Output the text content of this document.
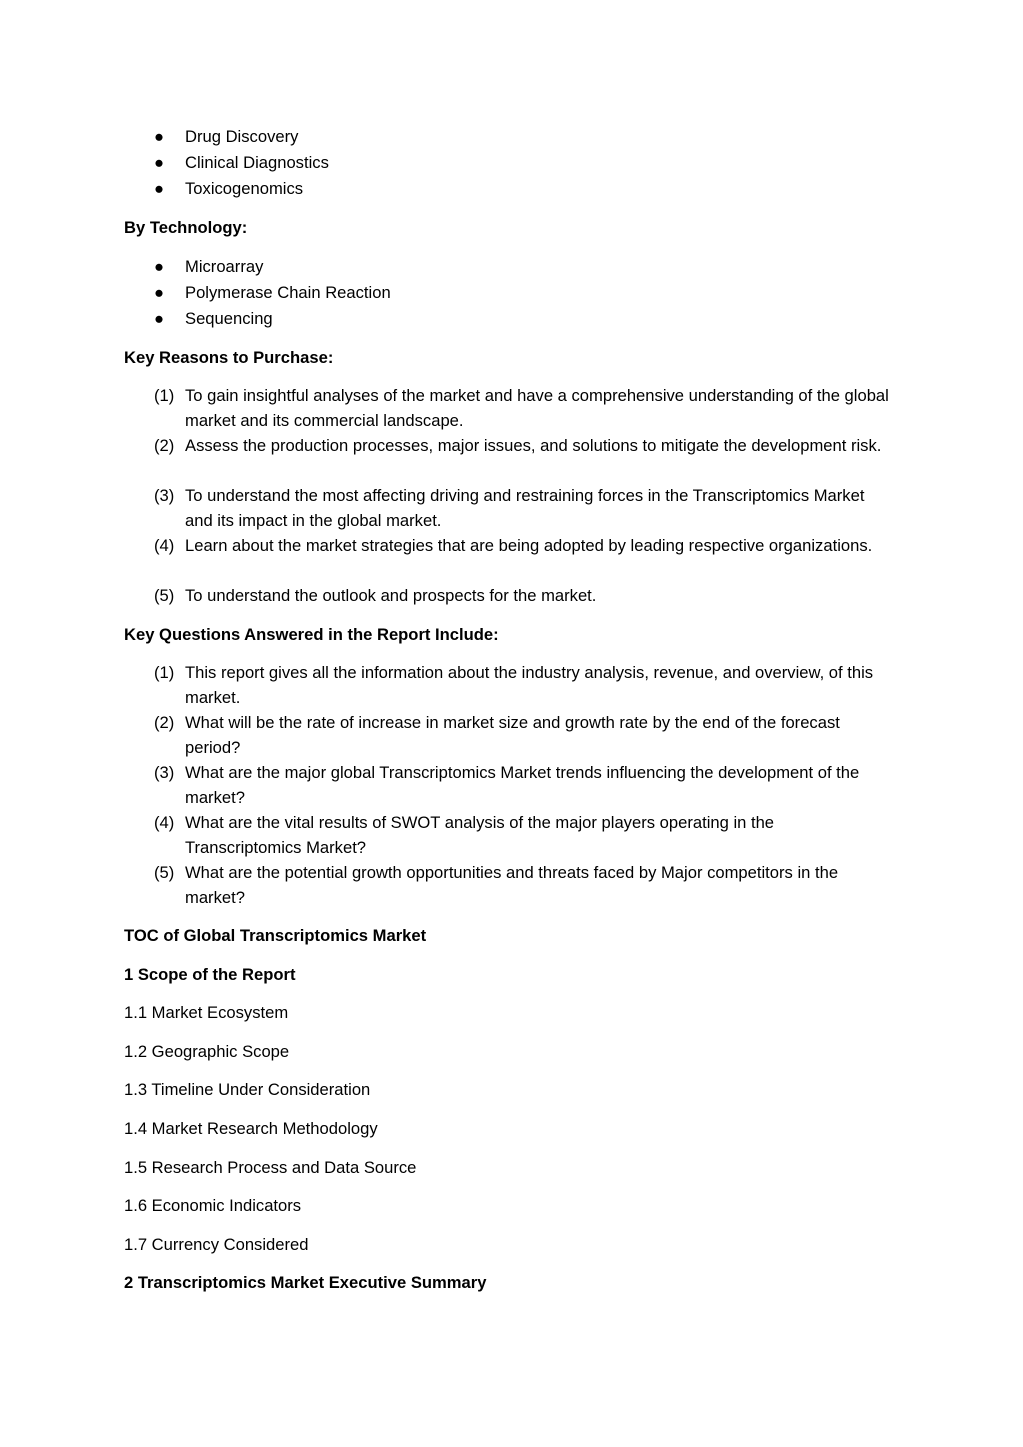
● Drug Discovery
● Clinical Diagnostics
● Toxicogenomics
By Technology:
● Microarray
● Polymerase Chain Reaction
● Sequencing
Key Reasons to Purchase:
(1) To gain insightful analyses of the market and have a comprehensive understanding of the global market and its commercial landscape.
(2) Assess the production processes, major issues, and solutions to mitigate the development risk.
(3) To understand the most affecting driving and restraining forces in the Transcriptomics Market and its impact in the global market.
(4) Learn about the market strategies that are being adopted by leading respective organizations.
(5) To understand the outlook and prospects for the market.
Key Questions Answered in the Report Include:
(1) This report gives all the information about the industry analysis, revenue, and overview, of this market.
(2) What will be the rate of increase in market size and growth rate by the end of the forecast period?
(3) What are the major global Transcriptomics Market trends influencing the development of the market?
(4) What are the vital results of SWOT analysis of the major players operating in the Transcriptomics Market?
(5) What are the potential growth opportunities and threats faced by Major competitors in the market?
TOC of Global Transcriptomics Market
1 Scope of the Report
1.1 Market Ecosystem
1.2 Geographic Scope
1.3 Timeline Under Consideration
1.4 Market Research Methodology
1.5 Research Process and Data Source
1.6 Economic Indicators
1.7 Currency Considered
2 Transcriptomics Market Executive Summary
